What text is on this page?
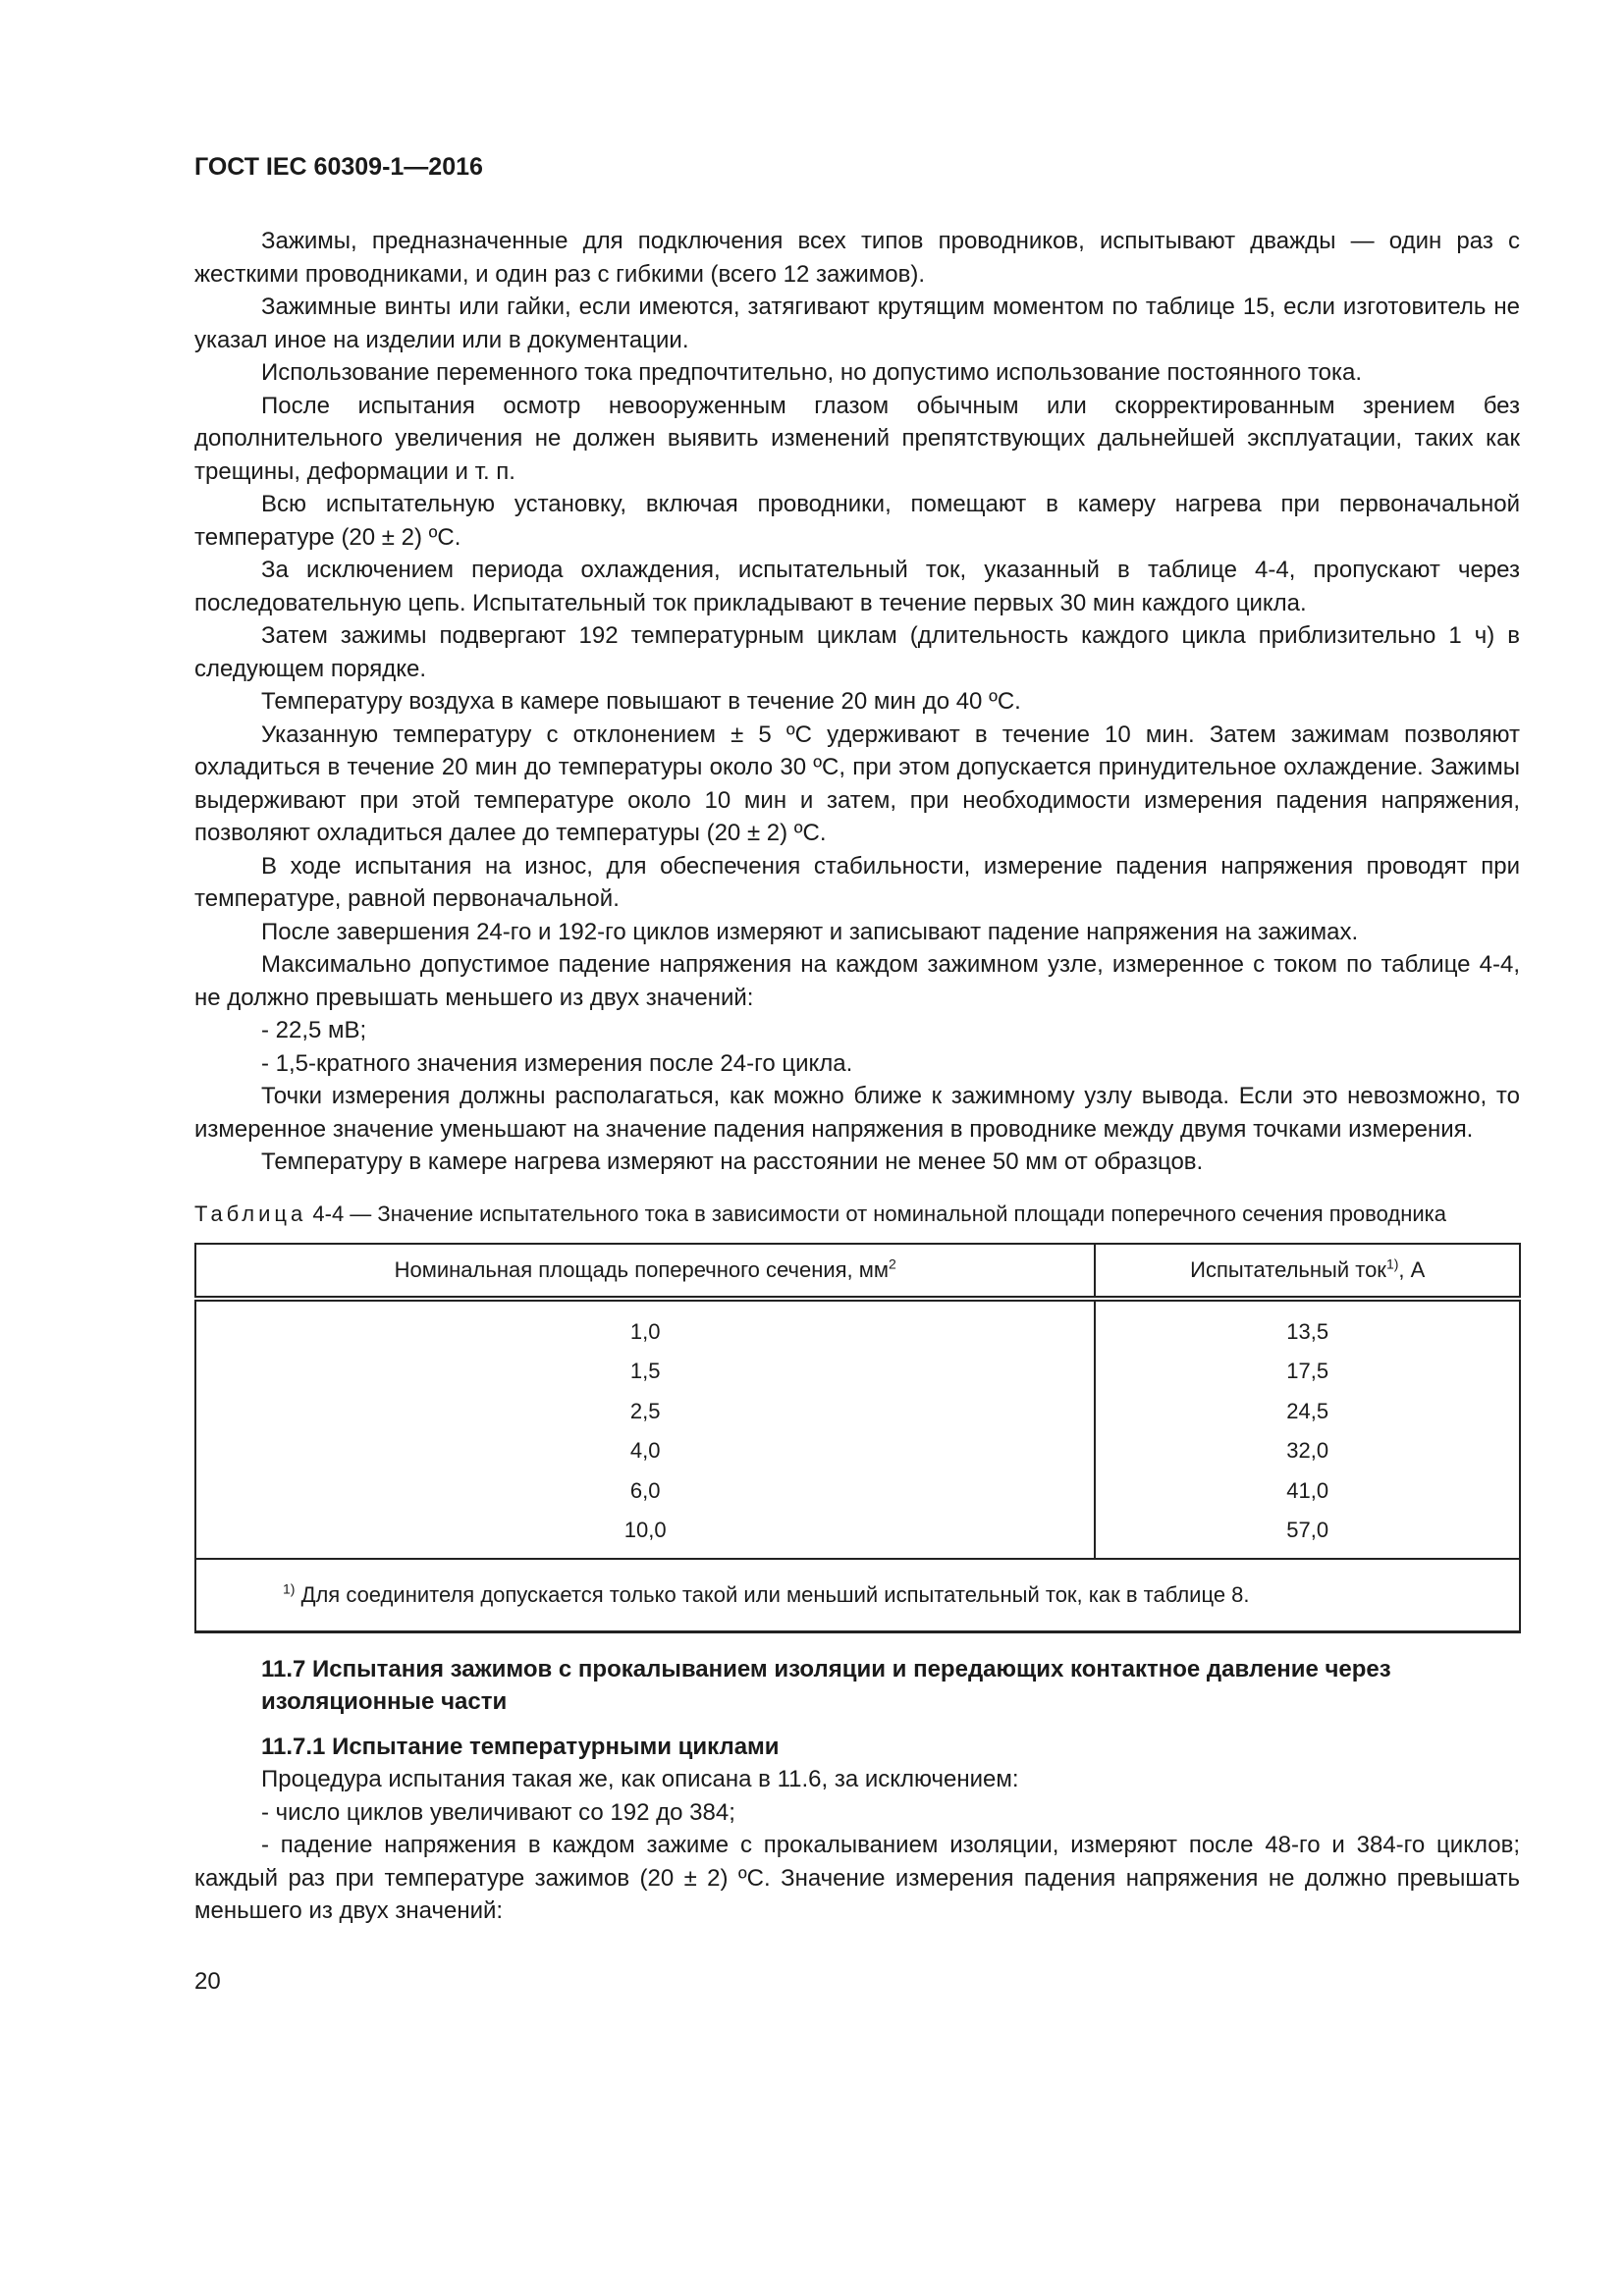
ГОСТ IEC 60309-1—2016

Зажимы, предназначенные для подключения всех типов проводников, испытывают дважды — один раз с жесткими проводниками, и один раз с гибкими (всего 12 зажимов).

Зажимные винты или гайки, если имеются, затягивают крутящим моментом по таблице 15, если изготовитель не указал иное на изделии или в документации.

Использование переменного тока предпочтительно, но допустимо использование постоянного тока.

После испытания осмотр невооруженным глазом обычным или скорректированным зрением без дополнительного увеличения не должен выявить изменений препятствующих дальнейшей эксплуатации, таких как трещины, деформации и т. п.

Всю испытательную установку, включая проводники, помещают в камеру нагрева при первоначальной температуре (20 ± 2) ºС.

За исключением периода охлаждения, испытательный ток, указанный в таблице 4-4, пропускают через последовательную цепь. Испытательный ток прикладывают в течение первых 30 мин каждого цикла.

Затем зажимы подвергают 192 температурным циклам (длительность каждого цикла приблизительно 1 ч) в следующем порядке.

Температуру воздуха в камере повышают в течение 20 мин до 40 ºС.

Указанную температуру с отклонением ± 5 ºС удерживают в течение 10 мин. Затем зажимам позволяют охладиться в течение 20 мин до температуры около 30 ºС, при этом допускается принудительное охлаждение. Зажимы выдерживают при этой температуре около 10 мин и затем, при необходимости измерения падения напряжения, позволяют охладиться далее до температуры (20 ± 2) ºС.

В ходе испытания на износ, для обеспечения стабильности, измерение падения напряжения проводят при температуре, равной первоначальной.

После завершения 24-го и 192-го циклов измеряют и записывают падение напряжения на зажимах.

Максимально допустимое падение напряжения на каждом зажимном узле, измеренное с током по таблице 4-4, не должно превышать меньшего из двух значений:

- 22,5 мВ;

- 1,5-кратного значения измерения после 24-го цикла.

Точки измерения должны располагаться, как можно ближе к зажимному узлу вывода. Если это невозможно, то измеренное значение уменьшают на значение падения напряжения в проводнике между двумя точками измерения.

Температуру в камере нагрева измеряют на расстоянии не менее 50 мм от образцов.

Таблица 4-4 — Значение испытательного тока в зависимости от номинальной площади поперечного сечения проводника
Номинальная площадь поперечного сечения, $мм^2$	Испытательный ток$^{1)}$, А
1,0	13,5
1,5	17,5
2,5	24,5
4,0	32,0
6,0	41,0
10,0	57,0
$^{1)}$ Для соединителя допускается только такой или меньший испытательный ток, как в таблице 8.	
11.7 Испытания зажимов с прокалыванием изоляции и передающих контактное давление через изоляционные части
11.7.1 Испытание температурными циклами

Процедура испытания такая же, как описана в 11.6, за исключением:

- число циклов увеличивают со 192 до 384;

- падение напряжения в каждом зажиме с прокалыванием изоляции, измеряют после 48-го и 384-го циклов; каждый раз при температуре зажимов (20 ± 2) ºС. Значение измерения падения напряжения не должно превышать меньшего из двух значений:

20
